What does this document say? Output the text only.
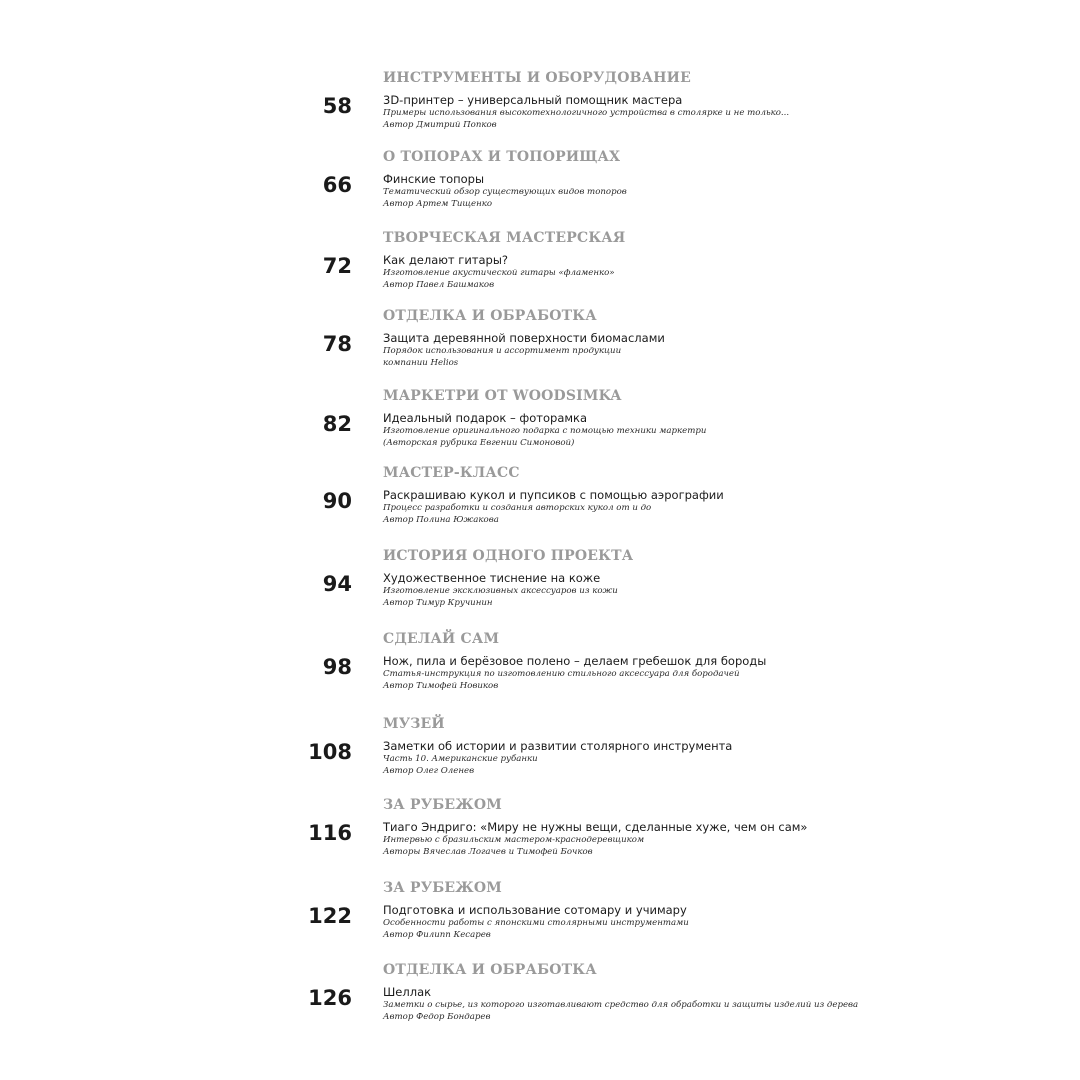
ИНСТРУМЕНТЫ И ОБОРУДОВАНИЕ
58	3D-принтер – универсальный помощник мастера
Примеры использования высокотехнологичного устройства в столярке и не только...
Автор Дмитрий Попков
О ТОПОРАХ И ТОПОРИЩАХ
66	Финские топоры
Тематический обзор существующих видов топоров
Автор Артем Тищенко
ТВОРЧЕСКАЯ МАСТЕРСКАЯ
72	Как делают гитары?
Изготовление акустической гитары «фламенко»
Автор Павел Башмаков
ОТДЕЛКА И ОБРАБОТКА
78	Защита деревянной поверхности биомаслами
Порядок использования и ассортимент продукции
компании Helios
МАРКЕТРИ ОТ WOODSIMKA
82	Идеальный подарок – фоторамка
Изготовление оригинального подарка с помощью техники маркетри
(Авторская рубрика Евгении Симоновой)
МАСТЕР-КЛАСС
90	Раскрашиваю кукол и пупсиков с помощью аэрографии
Процесс разработки и создания авторских кукол от и до
Автор Полина Южакова
ИСТОРИЯ ОДНОГО ПРОЕКТА
94	Художественное тиснение на коже
Изготовление эксклюзивных аксессуаров из кожи
Автор Тимур Кручинин
СДЕЛАЙ САМ
98	Нож, пила и берёзовое полено – делаем гребешок для бороды
Статья-инструкция по изготовлению стильного аксессуара для бородачей
Автор Тимофей Новиков
МУЗЕЙ
108	Заметки об истории и развитии столярного инструмента
Часть 10. Американские рубанки
Автор Олег Оленев
ЗА РУБЕЖОМ
116	Тиаго Эндриго: «Миру не нужны вещи, сделанные хуже, чем он сам»
Интервью с бразильским мастером-краснодеревщиком
Авторы Вячеслав Логачев и Тимофей Бочков
ЗА РУБЕЖОМ
122	Подготовка и использование сотомару и учимару
Особенности работы с японскими столярными инструментами
Автор Филипп Кесарев
ОТДЕЛКА И ОБРАБОТКА
126	Шеллак
Заметки о сырье, из которого изготавливают средство для обработки и защиты изделий из дерева
Автор Федор Бондарев
